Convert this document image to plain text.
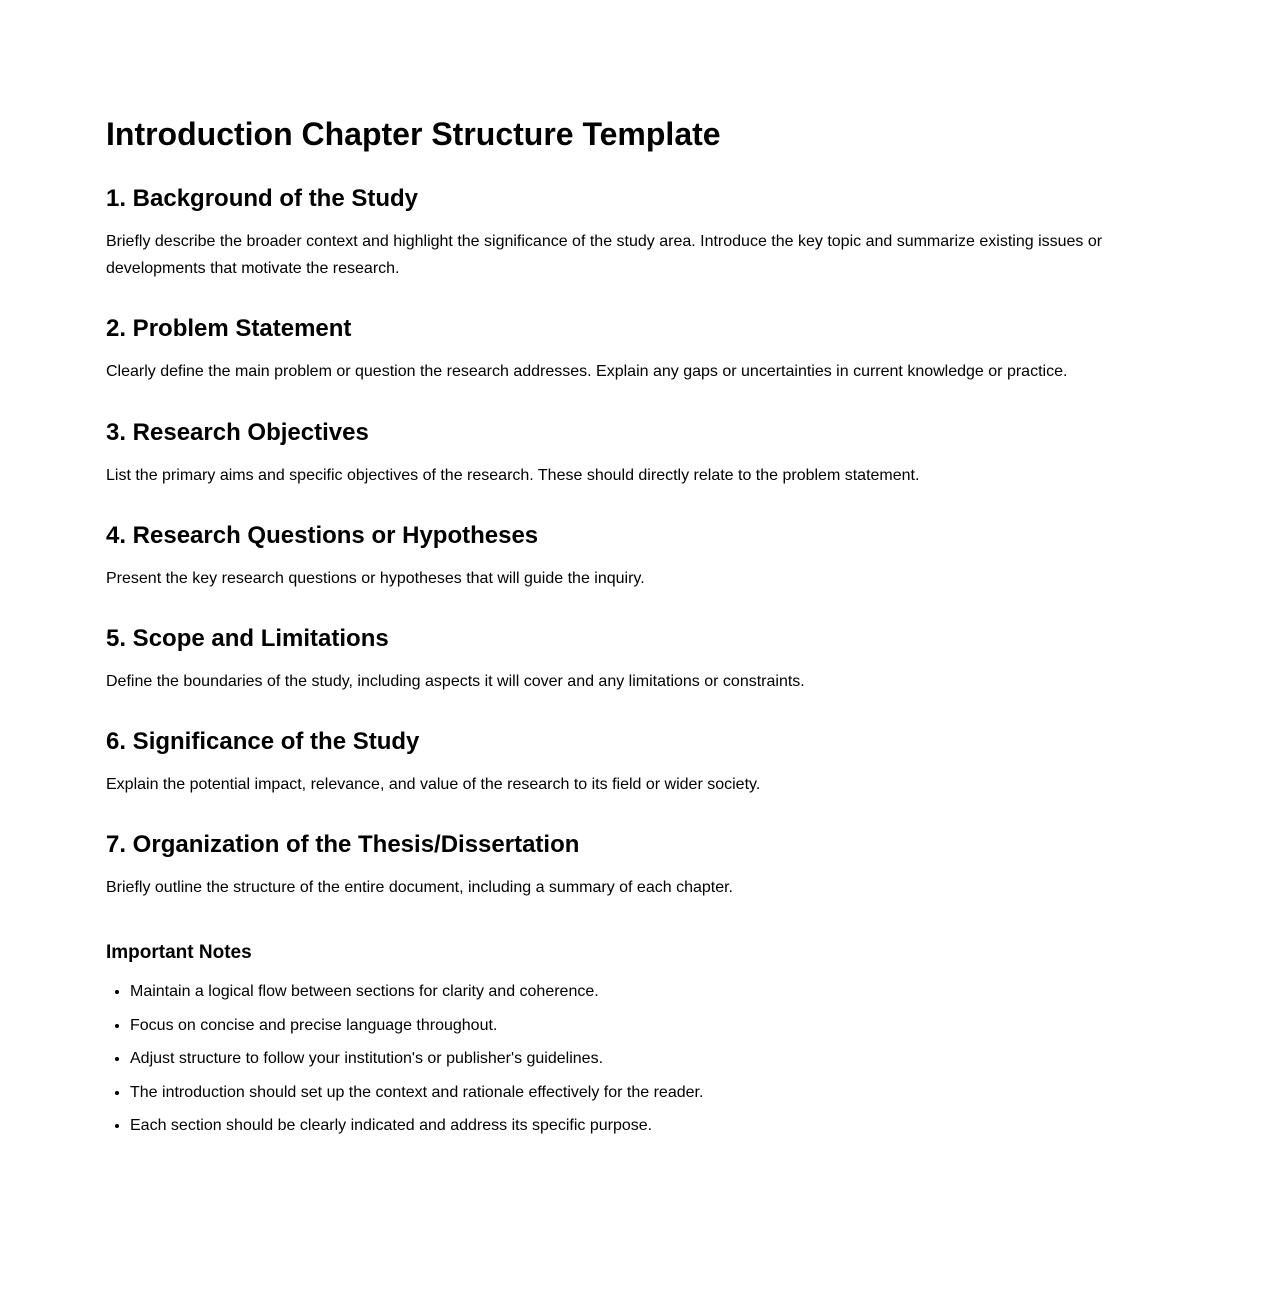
Introduction Chapter Structure Template
1. Background of the Study

Briefly describe the broader context and highlight the significance of the study area. Introduce the key topic and summarize existing issues or developments that motivate the research.

2. Problem Statement

Clearly define the main problem or question the research addresses. Explain any gaps or uncertainties in current knowledge or practice.

3. Research Objectives

List the primary aims and specific objectives of the research. These should directly relate to the problem statement.

4. Research Questions or Hypotheses

Present the key research questions or hypotheses that will guide the inquiry.

5. Scope and Limitations

Define the boundaries of the study, including aspects it will cover and any limitations or constraints.

6. Significance of the Study

Explain the potential impact, relevance, and value of the research to its field or wider society.

7. Organization of the Thesis/Dissertation

Briefly outline the structure of the entire document, including a summary of each chapter.

Important Notes
• Maintain a logical flow between sections for clarity and coherence.
• Focus on concise and precise language throughout.
• Adjust structure to follow your institution's or publisher's guidelines.
• The introduction should set up the context and rationale effectively for the reader.
• Each section should be clearly indicated and address its specific purpose.
